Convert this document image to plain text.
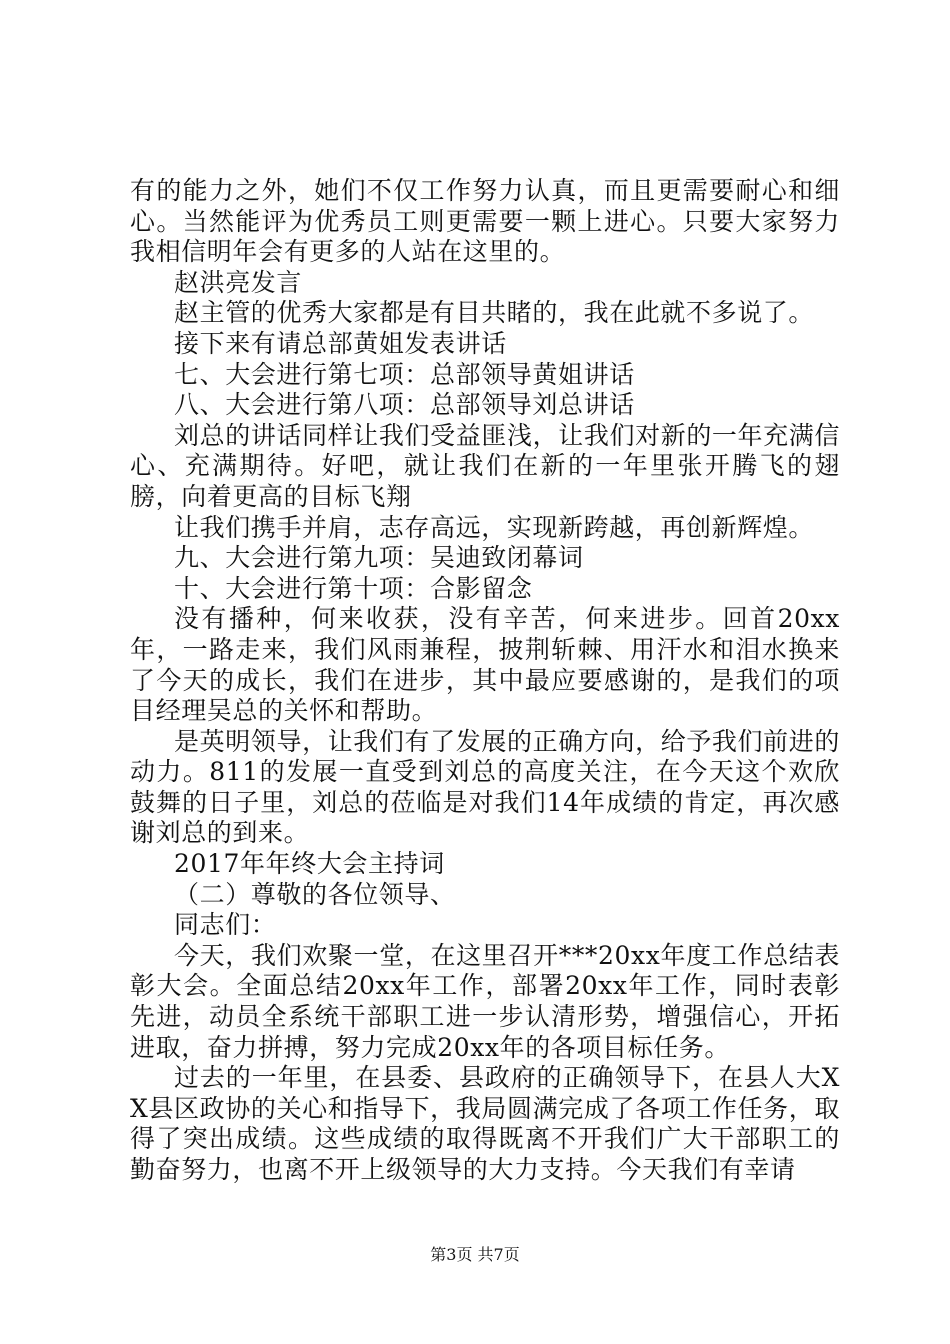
有的能力之外，她们不仅工作努力认真，而且更需要耐心和细心。当然能评为优秀员工则更需要一颗上进心。只要大家努力我相信明年会有更多的人站在这里的。

赵洪亮发言

赵主管的优秀大家都是有目共睹的，我在此就不多说了。

接下来有请总部黄姐发表讲话

七、大会进行第七项：总部领导黄姐讲话

八、大会进行第八项：总部领导刘总讲话

刘总的讲话同样让我们受益匪浅，让我们对新的一年充满信心、充满期待。好吧，就让我们在新的一年里张开腾飞的翅膀，向着更高的目标飞翔

让我们携手并肩，志存高远，实现新跨越，再创新辉煌。

九、大会进行第九项：吴迪致闭幕词

十、大会进行第十项：合影留念

没有播种，何来收获，没有辛苦，何来进步。回首20xx年，一路走来，我们风雨兼程，披荆斩棘、用汗水和泪水换来了今天的成长，我们在进步，其中最应要感谢的，是我们的项目经理吴总的关怀和帮助。

是英明领导，让我们有了发展的正确方向，给予我们前进的动力。811的发展一直受到刘总的高度关注，在今天这个欢欣鼓舞的日子里，刘总的莅临是对我们14年成绩的肯定，再次感谢刘总的到来。

2017年年终大会主持词

（二）尊敬的各位领导、

同志们：

今天，我们欢聚一堂，在这里召开***20xx年度工作总结表彰大会。全面总结20xx年工作，部署20xx年工作，同时表彰先进，动员全系统干部职工进一步认清形势，增强信心，开拓进取，奋力拼搏，努力完成20xx年的各项目标任务。

过去的一年里，在县委、县政府的正确领导下，在县人大XX县区政协的关心和指导下，我局圆满完成了各项工作任务，取得了突出成绩。这些成绩的取得既离不开我们广大干部职工的勤奋努力，也离不开上级领导的大力支持。今天我们有幸请

第3页 共7页
